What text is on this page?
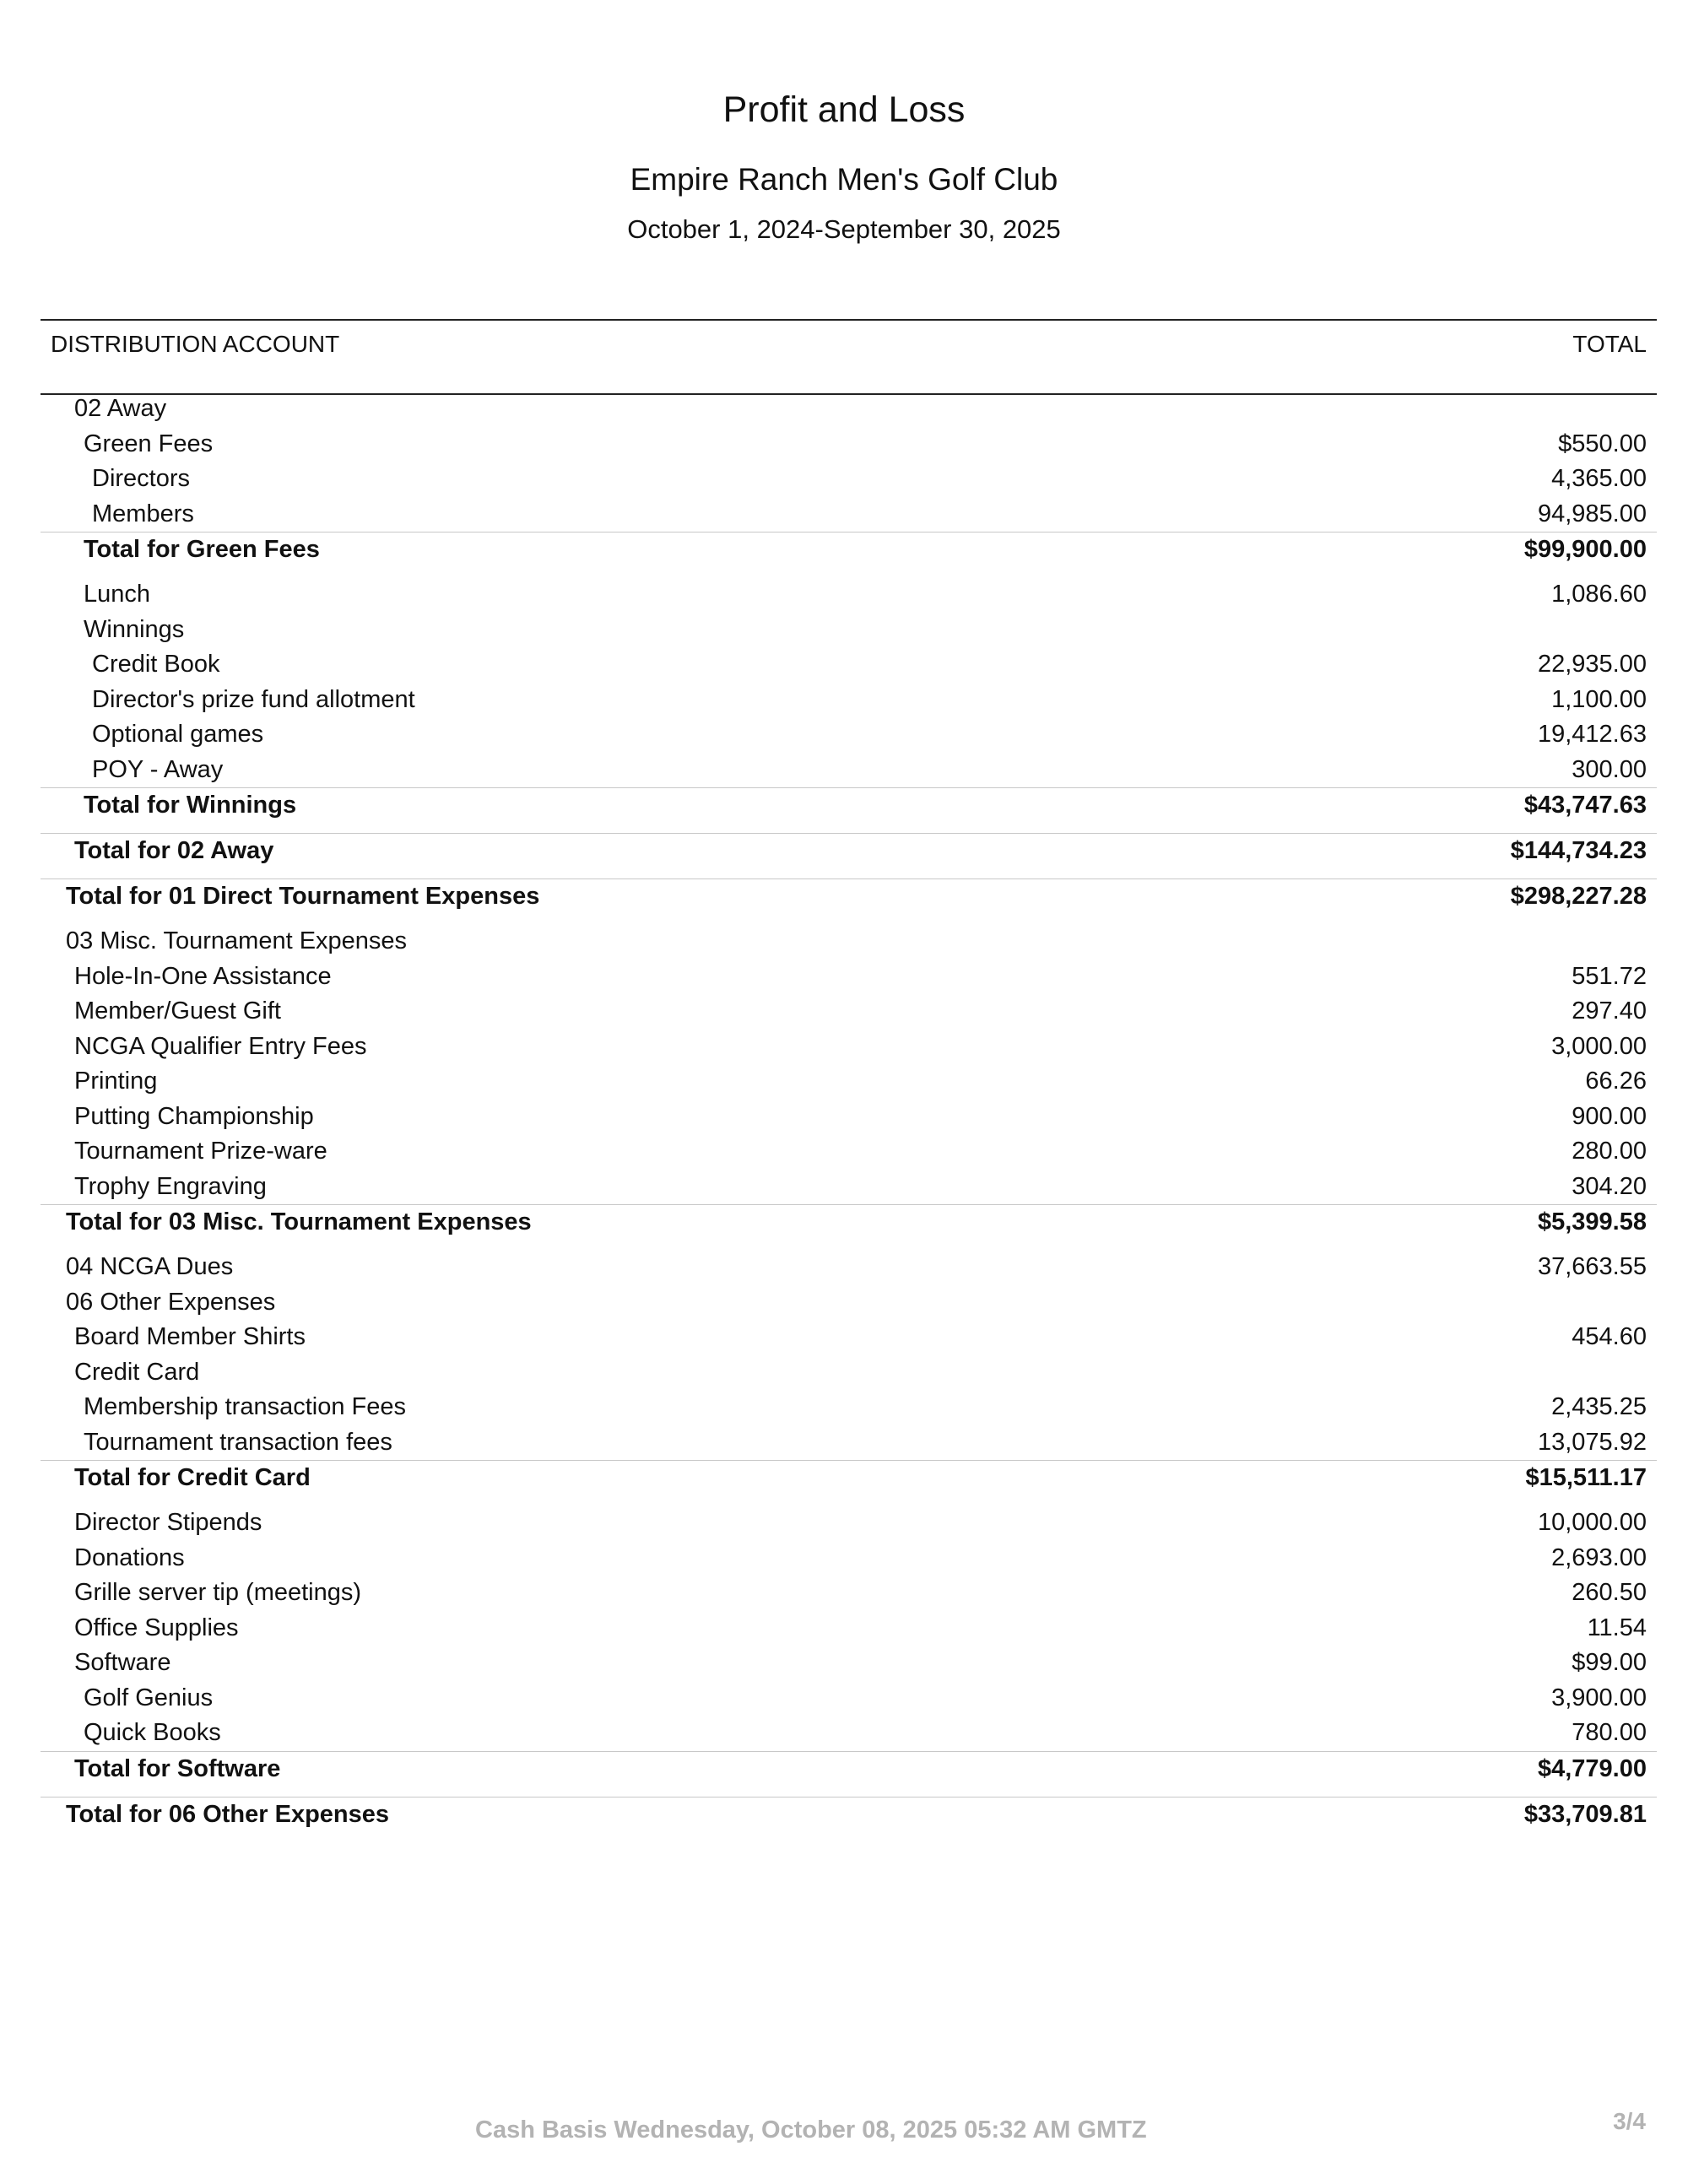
Profit and Loss
Empire Ranch Men's Golf Club
October 1, 2024-September 30, 2025
DISTRIBUTION ACCOUNT	TOTAL
02 Away
Green Fees	$550.00
Directors	4,365.00
Members	94,985.00
Total for Green Fees	$99,900.00
Lunch	1,086.60
Winnings
Credit Book	22,935.00
Director's prize fund allotment	1,100.00
Optional games	19,412.63
POY - Away	300.00
Total for Winnings	$43,747.63
Total for 02 Away	$144,734.23
Total for 01 Direct Tournament Expenses	$298,227.28
03 Misc. Tournament Expenses
Hole-In-One Assistance	551.72
Member/Guest Gift	297.40
NCGA Qualifier Entry Fees	3,000.00
Printing	66.26
Putting Championship	900.00
Tournament Prize-ware	280.00
Trophy Engraving	304.20
Total for 03 Misc. Tournament Expenses	$5,399.58
04 NCGA Dues	37,663.55
06 Other Expenses
Board Member Shirts	454.60
Credit Card
Membership transaction Fees	2,435.25
Tournament transaction fees	13,075.92
Total for Credit Card	$15,511.17
Director Stipends	10,000.00
Donations	2,693.00
Grille server tip (meetings)	260.50
Office Supplies	11.54
Software	$99.00
Golf Genius	3,900.00
Quick Books	780.00
Total for Software	$4,779.00
Total for 06 Other Expenses	$33,709.81
Cash Basis Wednesday, October 08, 2025 05:32 AM GMTZ	3/4
